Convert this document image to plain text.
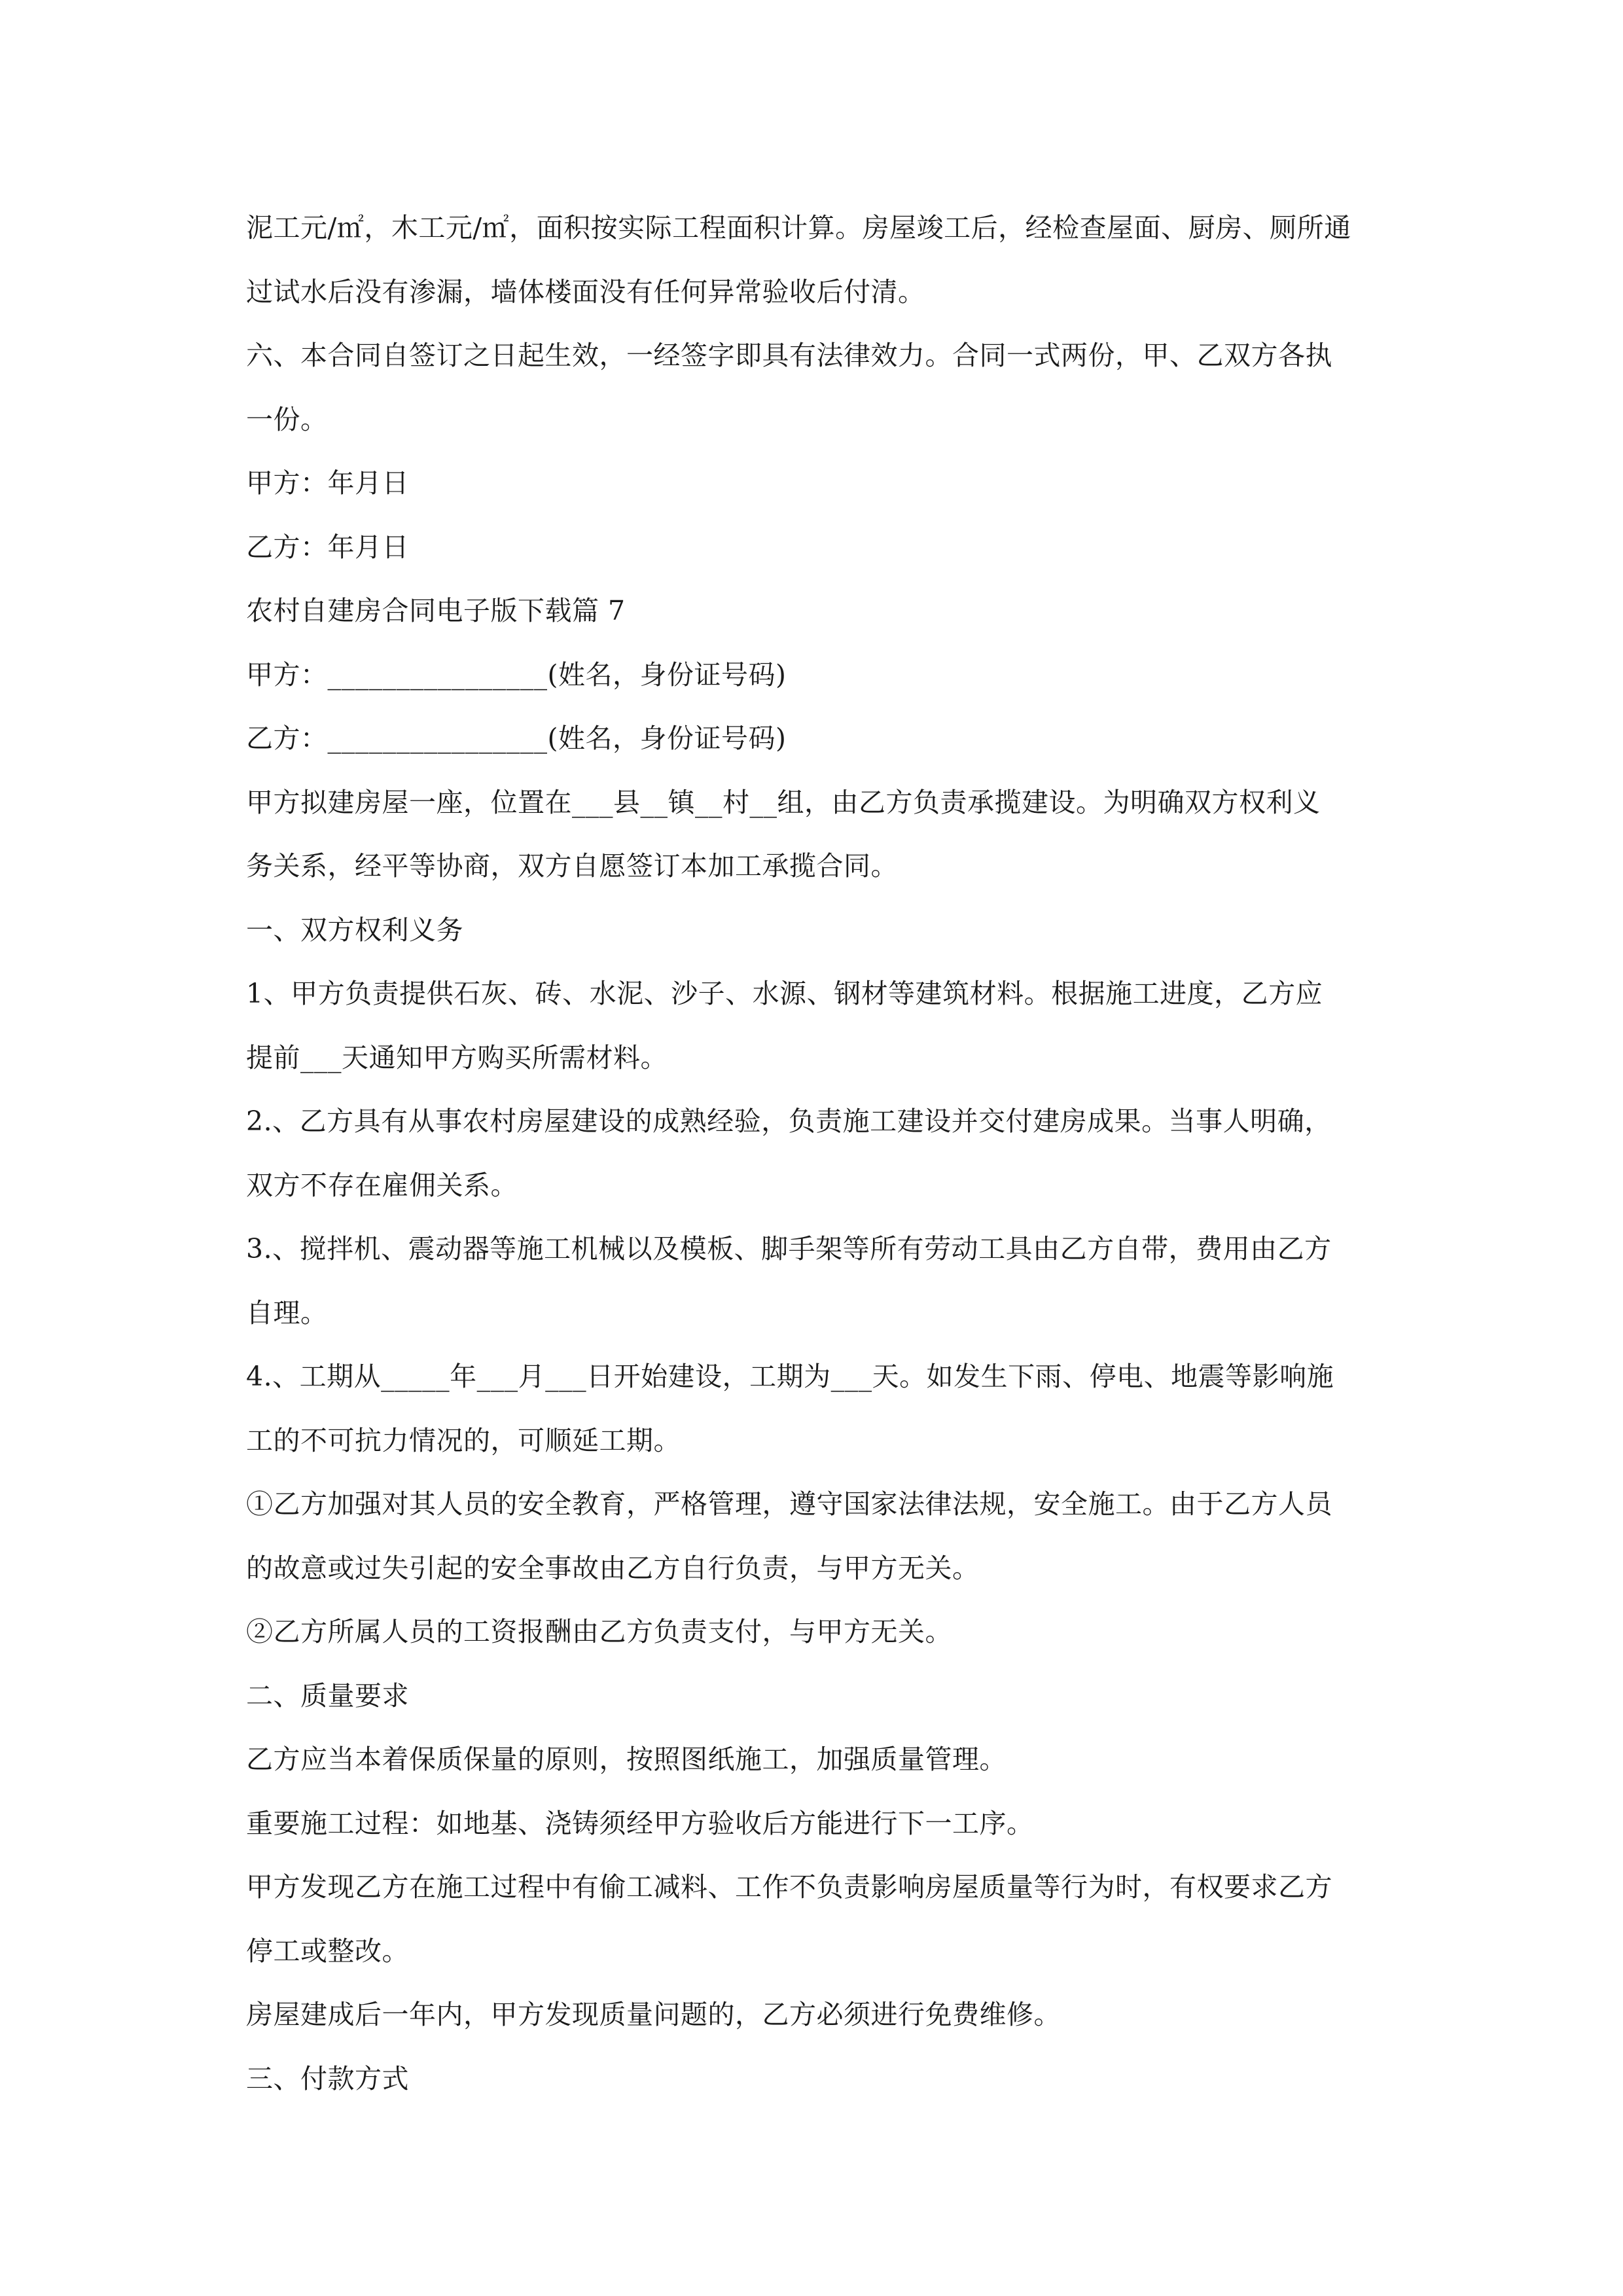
泥工元/㎡，木工元/㎡，面积按实际工程面积计算。房屋竣工后，经检查屋面、厨房、厕所通
过试水后没有渗漏，墙体楼面没有任何异常验收后付清。
六、本合同自签订之日起生效，一经签字即具有法律效力。合同一式两份，甲、乙双方各执
一份。
甲方：年月日
乙方：年月日
农村自建房合同电子版下载篇 7
甲方：________________(姓名，身份证号码)
乙方：________________(姓名，身份证号码)
甲方拟建房屋一座，位置在___县__镇__村__组，由乙方负责承揽建设。为明确双方权利义
务关系，经平等协商，双方自愿签订本加工承揽合同。
一、双方权利义务
1、甲方负责提供石灰、砖、水泥、沙子、水源、钢材等建筑材料。根据施工进度，乙方应
提前___天通知甲方购买所需材料。
2.、乙方具有从事农村房屋建设的成熟经验，负责施工建设并交付建房成果。当事人明确，
双方不存在雇佣关系。
3.、搅拌机、震动器等施工机械以及模板、脚手架等所有劳动工具由乙方自带，费用由乙方
自理。
4.、工期从_____年___月___日开始建设，工期为___天。如发生下雨、停电、地震等影响施
工的不可抗力情况的，可顺延工期。
①乙方加强对其人员的安全教育，严格管理，遵守国家法律法规，安全施工。由于乙方人员
的故意或过失引起的安全事故由乙方自行负责，与甲方无关。
②乙方所属人员的工资报酬由乙方负责支付，与甲方无关。
二、质量要求
乙方应当本着保质保量的原则，按照图纸施工，加强质量管理。
重要施工过程：如地基、浇铸须经甲方验收后方能进行下一工序。
甲方发现乙方在施工过程中有偷工减料、工作不负责影响房屋质量等行为时，有权要求乙方
停工或整改。
房屋建成后一年内，甲方发现质量问题的，乙方必须进行免费维修。
三、付款方式
